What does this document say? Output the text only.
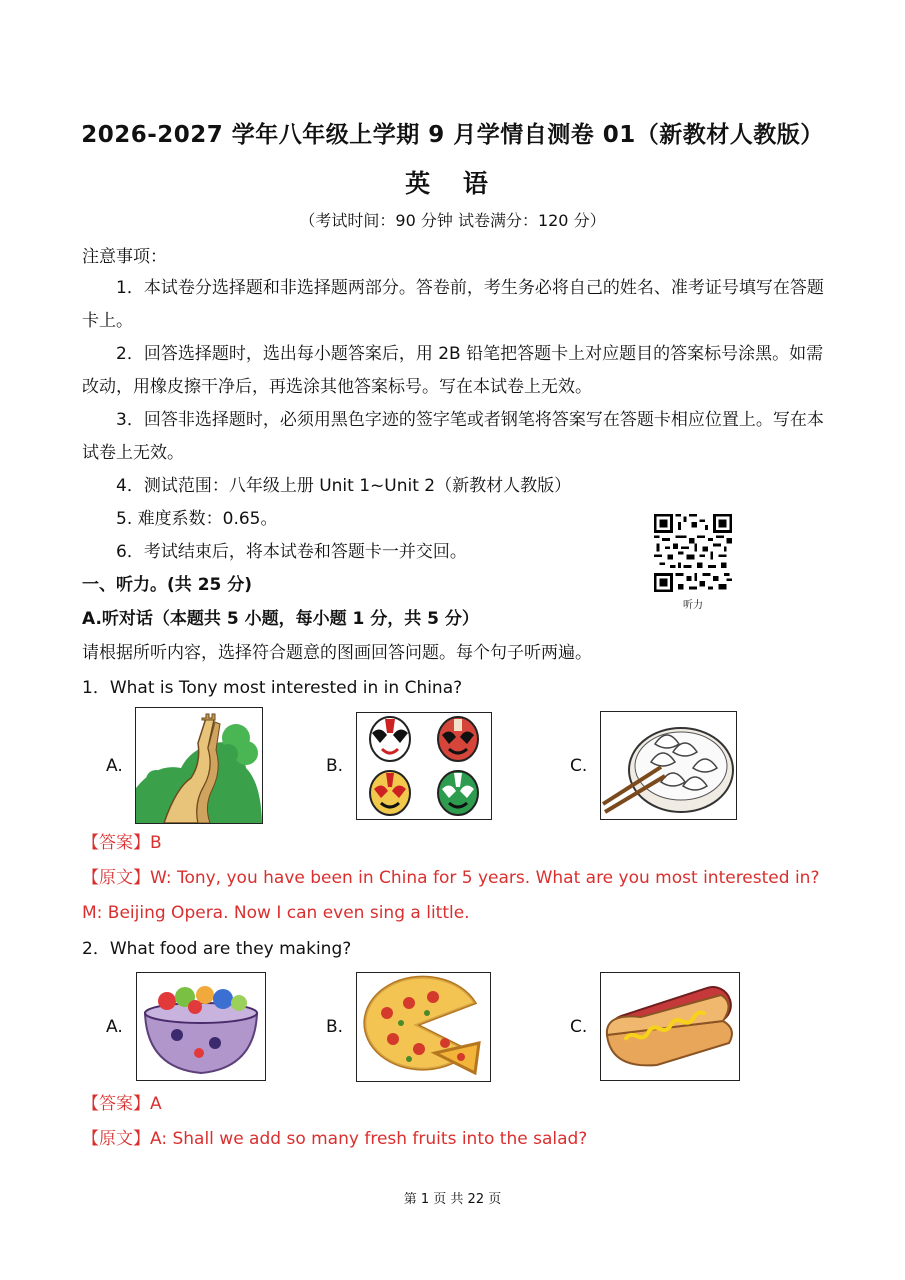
2026-2027 学年八年级上学期 9 月学情自测卷 01（新教材人教版）
英 语
（考试时间：90 分钟 试卷满分：120 分）
注意事项：
1．本试卷分选择题和非选择题两部分。答卷前，考生务必将自己的姓名、准考证号填写在答题卡上。
2．回答选择题时，选出每小题答案后，用 2B 铅笔把答题卡上对应题目的答案标号涂黑。如需改动，用橡皮擦干净后，再选涂其他答案标号。写在本试卷上无效。
3．回答非选择题时，必须用黑色字迹的签字笔或者钢笔将答案写在答题卡相应位置上。写在本试卷上无效。
4．测试范围：八年级上册 Unit 1~Unit 2（新教材人教版）
5. 难度系数：0.65。
6．考试结束后，将本试卷和答题卡一并交回。
听力
一、听力。(共 25 分)
A.听对话（本题共 5 小题，每小题 1 分，共 5 分）
请根据所听内容，选择符合题意的图画回答问题。每个句子听两遍。
1．What is Tony most interested in in China?
A.	B.	C.
【答案】B
【原文】W: Tony, you have been in China for 5 years. What are you most interested in?
M: Beijing Opera. Now I can even sing a little.
2．What food are they making?
A.	B.	C.
【答案】A
【原文】A: Shall we add so many fresh fruits into the salad?
第 1 页 共 22 页
